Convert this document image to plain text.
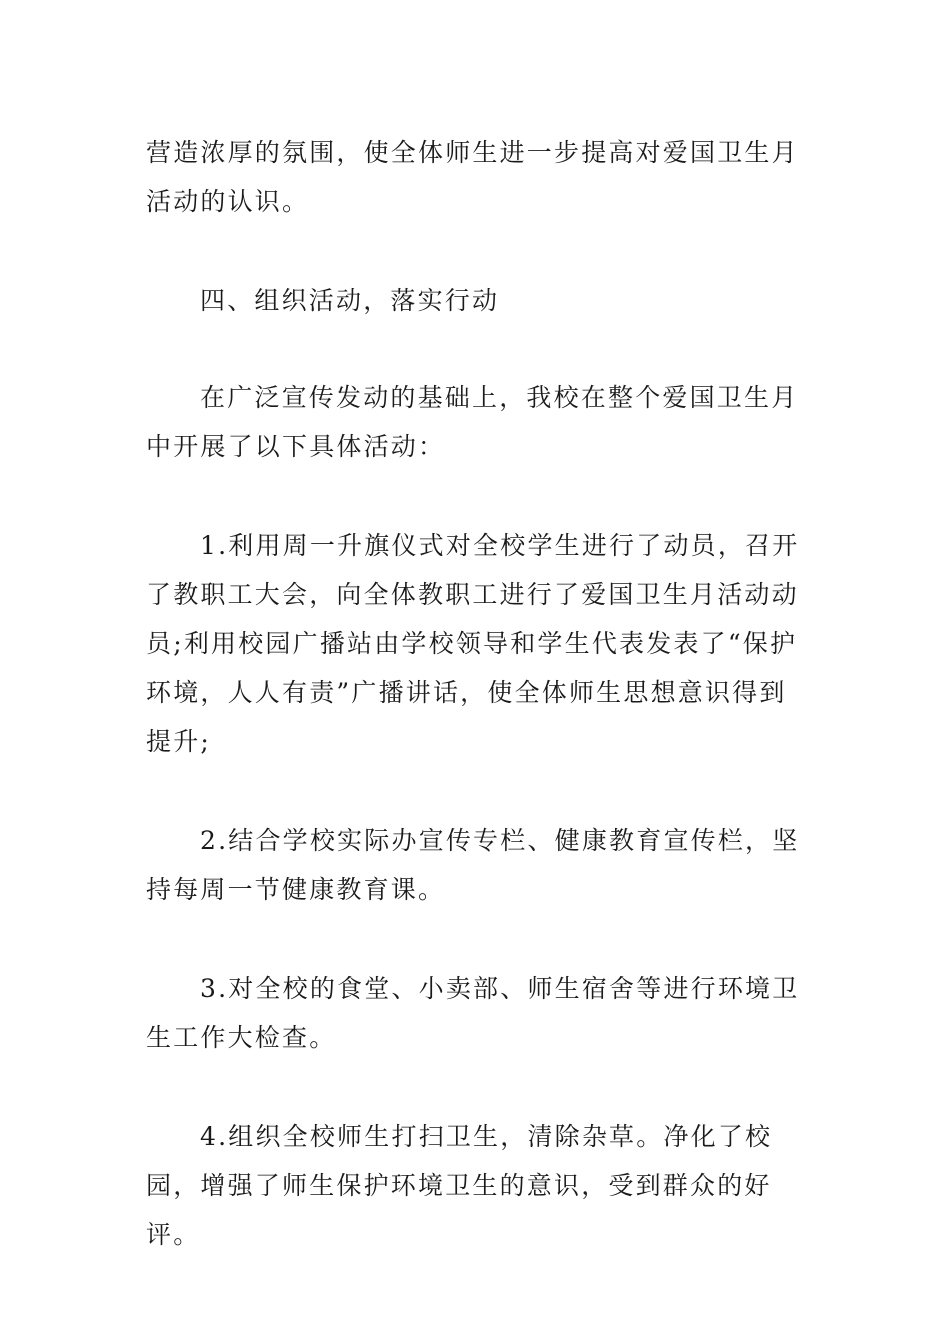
营造浓厚的氛围，使全体师生进一步提高对爱国卫生月活动的认识。

四、组织活动，落实行动

在广泛宣传发动的基础上，我校在整个爱国卫生月中开展了以下具体活动：

1.利用周一升旗仪式对全校学生进行了动员，召开了教职工大会，向全体教职工进行了爱国卫生月活动动员;利用校园广播站由学校领导和学生代表发表了“保护环境，人人有责”广播讲话，使全体师生思想意识得到提升;

2.结合学校实际办宣传专栏、健康教育宣传栏，坚持每周一节健康教育课。

3.对全校的食堂、小卖部、师生宿舍等进行环境卫生工作大检查。

4.组织全校师生打扫卫生，清除杂草。净化了校园，增强了师生保护环境卫生的意识，受到群众的好评。
